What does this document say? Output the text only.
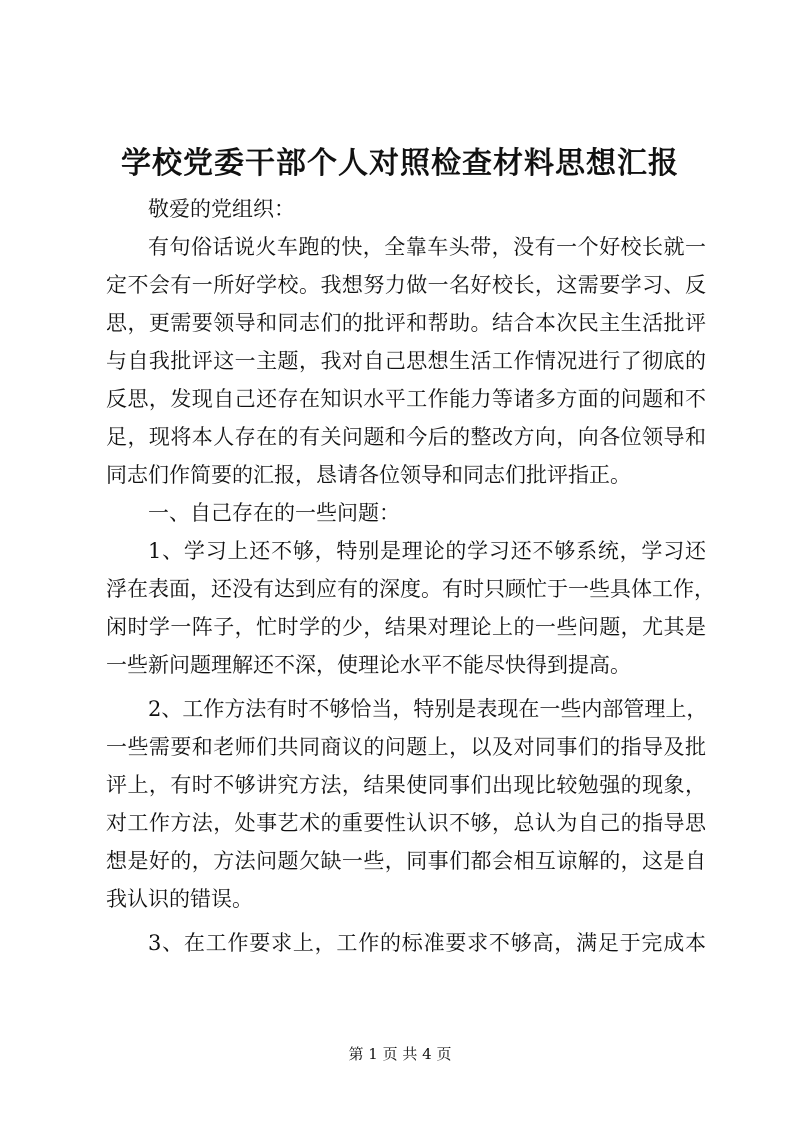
学校党委干部个人对照检查材料思想汇报
敬爱的党组织：
有句俗话说火车跑的快，全靠车头带，没有一个好校长就一
定不会有一所好学校。我想努力做一名好校长，这需要学习、反
思，更需要领导和同志们的批评和帮助。结合本次民主生活批评
与自我批评这一主题，我对自己思想生活工作情况进行了彻底的
反思，发现自己还存在知识水平工作能力等诸多方面的问题和不
足，现将本人存在的有关问题和今后的整改方向，向各位领导和
同志们作简要的汇报，恳请各位领导和同志们批评指正。
一、自己存在的一些问题：
1、学习上还不够，特别是理论的学习还不够系统，学习还
浮在表面，还没有达到应有的深度。有时只顾忙于一些具体工作，
闲时学一阵子，忙时学的少，结果对理论上的一些问题，尤其是
一些新问题理解还不深，使理论水平不能尽快得到提高。
2、工作方法有时不够恰当，特别是表现在一些内部管理上，
一些需要和老师们共同商议的问题上，以及对同事们的指导及批
评上，有时不够讲究方法，结果使同事们出现比较勉强的现象，
对工作方法，处事艺术的重要性认识不够，总认为自己的指导思
想是好的，方法问题欠缺一些，同事们都会相互谅解的，这是自
我认识的错误。
3、在工作要求上，工作的标准要求不够高，满足于完成本
第 1 页 共 4 页
